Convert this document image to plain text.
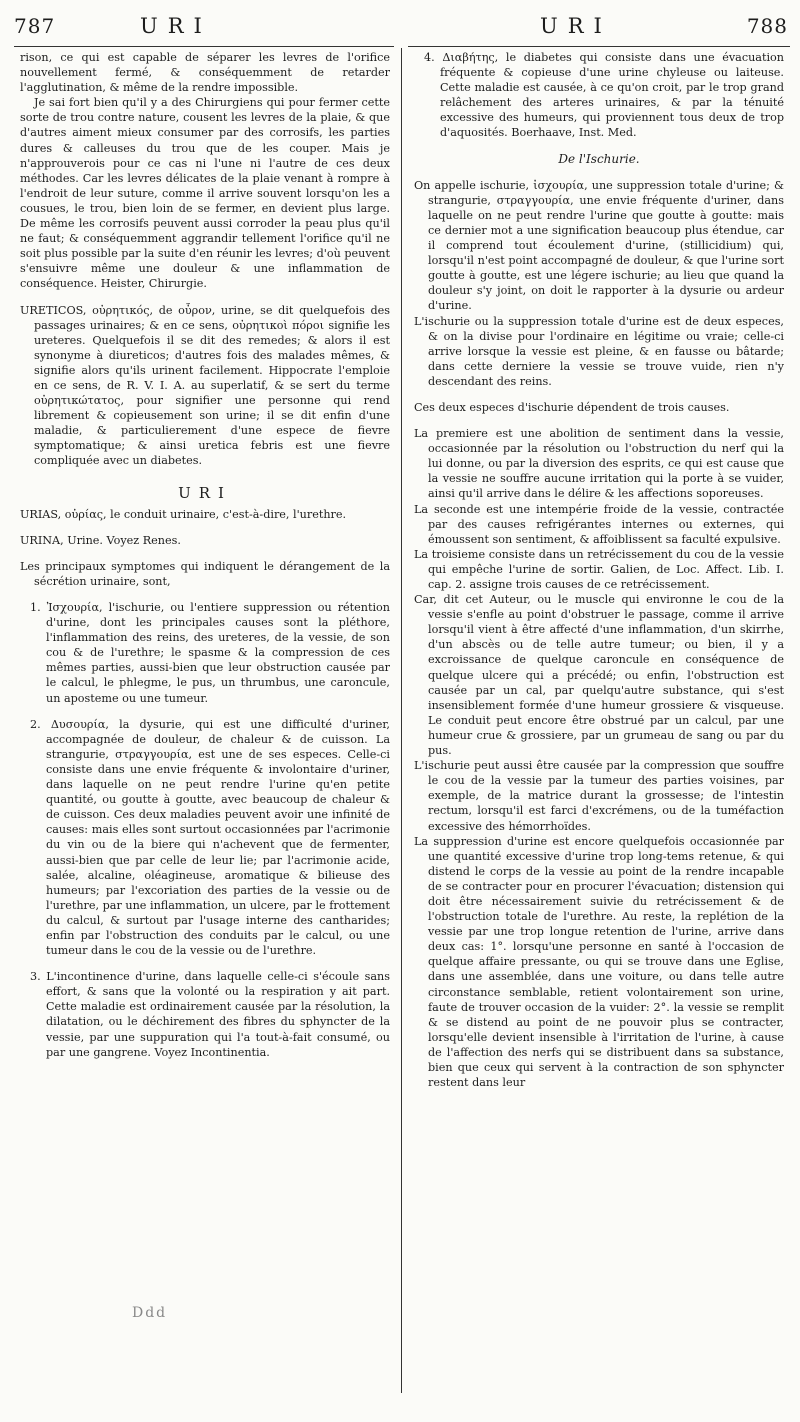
787	URI	URI	788

rison, ce qui est capable de séparer les levres de l'orifice nouvellement fermé, & conséquemment de retarder l'agglutination, & même de la rendre impossible.

Je sai fort bien qu'il y a des Chirurgiens qui pour fermer cette sorte de trou contre nature, cousent les levres de la plaie, & que d'autres aiment mieux consumer par des corrosifs, les parties dures & calleuses du trou que de les couper. Mais je n'approuverois pour ce cas ni l'une ni l'autre de ces deux méthodes. Car les levres délicates de la plaie venant à rompre à l'endroit de leur suture, comme il arrive souvent lorsqu'on les a cousues, le trou, bien loin de se fermer, en devient plus large. De même les corrosifs peuvent aussi corroder la peau plus qu'il ne faut; & conséquemment aggrandir tellement l'orifice qu'il ne soit plus possible par la suite d'en réunir les levres; d'où peuvent s'ensuivre même une douleur & une inflammation de conséquence. Heister, Chirurgie.

URETICOS, οὐρητικός, de οὖρον, urine, se dit quelquefois des passages urinaires; & en ce sens, οὐρητικοὶ πόροι signifie les ureteres. Quelquefois il se dit des remedes; & alors il est synonyme à diureticos; d'autres fois des malades mêmes, & signifie alors qu'ils urinent facilement. Hippocrate l'emploie en ce sens, de R. V. I. A. au superlatif, & se sert du terme οὐρητικώτατος, pour signifier une personne qui rend librement & copieusement son urine; il se dit enfin d'une maladie, & particulierement d'une espece de fievre symptomatique; & ainsi uretica febris est une fievre compliquée avec un diabetes.

URI

URIAS, οὐρίας, le conduit urinaire, c'est-à-dire, l'urethre.

URINA, Urine. Voyez Renes.

Les principaux symptomes qui indiquent le dérangement de la sécrétion urinaire, sont,

1. Ἰσχουρία, l'ischurie, ou l'entiere suppression ou rétention d'urine, dont les principales causes sont la pléthore, l'inflammation des reins, des ureteres, de la vessie, de son cou & de l'urethre; le spasme & la compression de ces mêmes parties, aussi-bien que leur obstruction causée par le calcul, le phlegme, le pus, un thrumbus, une caroncule, un aposteme ou une tumeur.

2. Δυσουρία, la dysurie, qui est une difficulté d'uriner, accompagnée de douleur, de chaleur & de cuisson. La strangurie, στραγγουρία, est une de ses especes. Celle-ci consiste dans une envie fréquente & involontaire d'uriner, dans laquelle on ne peut rendre l'urine qu'en petite quantité, ou goutte à goutte, avec beaucoup de chaleur & de cuisson. Ces deux maladies peuvent avoir une infinité de causes: mais elles sont surtout occasionnées par l'acrimonie du vin ou de la biere qui n'achevent que de fermenter, aussi-bien que par celle de leur lie; par l'acrimonie acide, salée, alcaline, oléagineuse, aromatique & bilieuse des humeurs; par l'excoriation des parties de la vessie ou de l'urethre, par une inflammation, un ulcere, par le frottement du calcul, & surtout par l'usage interne des cantharides; enfin par l'obstruction des conduits par le calcul, ou une tumeur dans le cou de la vessie ou de l'urethre.

3. L'incontinence d'urine, dans laquelle celle-ci s'écoule sans effort, & sans que la volonté ou la respiration y ait part. Cette maladie est ordinairement causée par la résolution, la dilatation, ou le déchirement des fibres du sphyncter de la vessie, par une suppuration qui l'a tout-à-fait consumé, ou par une gangrene. Voyez Incontinentia.

4. Διαβήτης, le diabetes qui consiste dans une évacuation fréquente & copieuse d'une urine chyleuse ou laiteuse. Cette maladie est causée, à ce qu'on croit, par le trop grand relâchement des arteres urinaires, & par la ténuité excessive des humeurs, qui proviennent tous deux de trop d'aquosités. Boerhaave, Inst. Med.

De l'Ischurie.

On appelle ischurie, ἰσχουρία, une suppression totale d'urine; & strangurie, στραγγουρία, une envie fréquente d'uriner, dans laquelle on ne peut rendre l'urine que goutte à goutte: mais ce dernier mot a une signification beaucoup plus étendue, car il comprend tout écoulement d'urine, (stillicidium) qui, lorsqu'il n'est point accompagné de douleur, & que l'urine sort goutte à goutte, est une légere ischurie; au lieu que quand la douleur s'y joint, on doit le rapporter à la dysurie ou ardeur d'urine.

L'ischurie ou la suppression totale d'urine est de deux especes, & on la divise pour l'ordinaire en légitime ou vraie; celle-ci arrive lorsque la vessie est pleine, & en fausse ou bâtarde; dans cette derniere la vessie se trouve vuide, rien n'y descendant des reins.

Ces deux especes d'ischurie dépendent de trois causes.

La premiere est une abolition de sentiment dans la vessie, occasionnée par la résolution ou l'obstruction du nerf qui la lui donne, ou par la diversion des esprits, ce qui est cause que la vessie ne souffre aucune irritation qui la porte à se vuider, ainsi qu'il arrive dans le délire & les affections soporeuses.

La seconde est une intempérie froide de la vessie, contractée par des causes refrigérantes internes ou externes, qui émoussent son sentiment, & affoiblissent sa faculté expulsive.

La troisieme consiste dans un retrécissement du cou de la vessie qui empêche l'urine de sortir. Galien, de Loc. Affect. Lib. I. cap. 2. assigne trois causes de ce retrécissement.

Car, dit cet Auteur, ou le muscle qui environne le cou de la vessie s'enfle au point d'obstruer le passage, comme il arrive lorsqu'il vient à être affecté d'une inflammation, d'un skirrhe, d'un abscès ou de telle autre tumeur; ou bien, il y a excroissance de quelque caroncule en conséquence de quelque ulcere qui a précédé; ou enfin, l'obstruction est causée par un cal, par quelqu'autre substance, qui s'est insensiblement formée d'une humeur grossiere & visqueuse. Le conduit peut encore être obstrué par un calcul, par une humeur crue & grossiere, par un grumeau de sang ou par du pus.

L'ischurie peut aussi être causée par la compression que souffre le cou de la vessie par la tumeur des parties voisines, par exemple, de la matrice durant la grossesse; de l'intestin rectum, lorsqu'il est farci d'excrémens, ou de la tuméfaction excessive des hémorrhoïdes.

La suppression d'urine est encore quelquefois occasionnée par une quantité excessive d'urine trop long-tems retenue, & qui distend le corps de la vessie au point de la rendre incapable de se contracter pour en procurer l'évacuation; distension qui doit être nécessairement suivie du retrécissement & de l'obstruction totale de l'urethre. Au reste, la replétion de la vessie par une trop longue retention de l'urine, arrive dans deux cas: 1°. lorsqu'une personne en santé à l'occasion de quelque affaire pressante, ou qui se trouve dans une Eglise, dans une assemblée, dans une voiture, ou dans telle autre circonstance semblable, retient volontairement son urine, faute de trouver occasion de la vuider: 2°. la vessie se remplit & se distend au point de ne pouvoir plus se contracter, lorsqu'elle devient insensible à l'irritation de l'urine, à cause de l'affection des nerfs qui se distribuent dans sa substance, bien que ceux qui servent à la contraction de son sphyncter restent dans leur

Ddd
